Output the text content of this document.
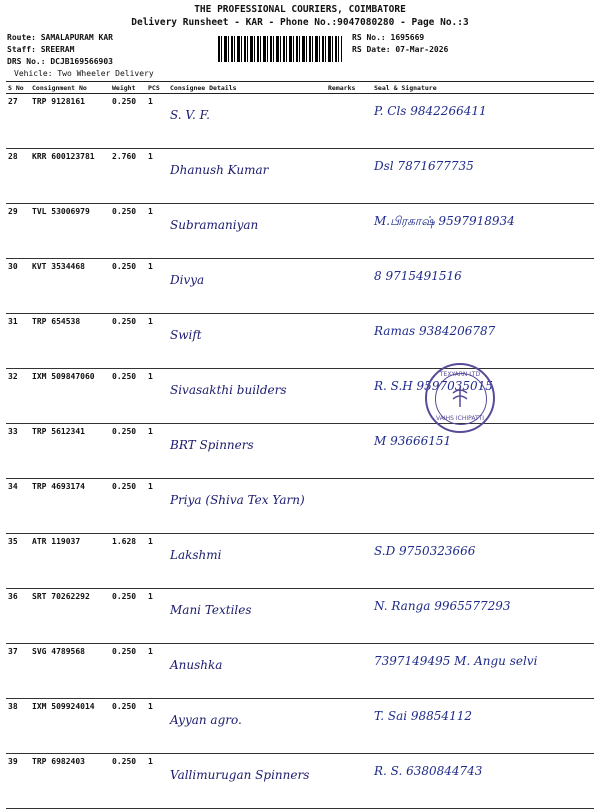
THE PROFESSIONAL COURIERS, COIMBATORE
Delivery Runsheet - KAR - Phone No.:9047080280 - Page No.:3
Route: SAMALAPURAM KAR
Staff: SREERAM
DRS No.: DCJB169566903
Vehicle: Two Wheeler Delivery
RS No.: 1695669
RS Date: 07-Mar-2026
S No	Consignment No	Weight	PCS	Consignee Details	Remarks	Seal & Signature
27	TRP 9128161	0.250	1	S. V. F.		P. Cls 9842266411
28	KRR 600123781	2.760	1	Dhanush Kumar		Dsl 7871677735
29	TVL 53006979	0.250	1	Subramaniyan		M.பிரகாஷ் 9597918934
30	KVT 3534468	0.250	1	Divya		8 9715491516
31	TRP 654538	0.250	1	Swift		Ramas 9384206787
32	IXM 509847060	0.250	1	Sivasakthi builders		R. S.H 9597035015
33	TRP 5612341	0.250	1	BRT Spinners		M 93666151
34	TRP 4693174	0.250	1	Priya (Shiva Tex Yarn)		
35	ATR 119037	1.628	1	Lakshmi		S.D 9750323666
36	SRT 70262292	0.250	1	Mani Textiles		N. Ranga 9965577293
37	SVG 4789568	0.250	1	Anushka		7397149495 M. Angu selvi
38	IXM 509924014	0.250	1	Ayyan agro.		T. Sai 98854112
39	TRP 6982403	0.250	1	Vallimurugan Spinners		R. S. 6380844743
TEXYARN LTD
VAIHS ICHIPATTI
